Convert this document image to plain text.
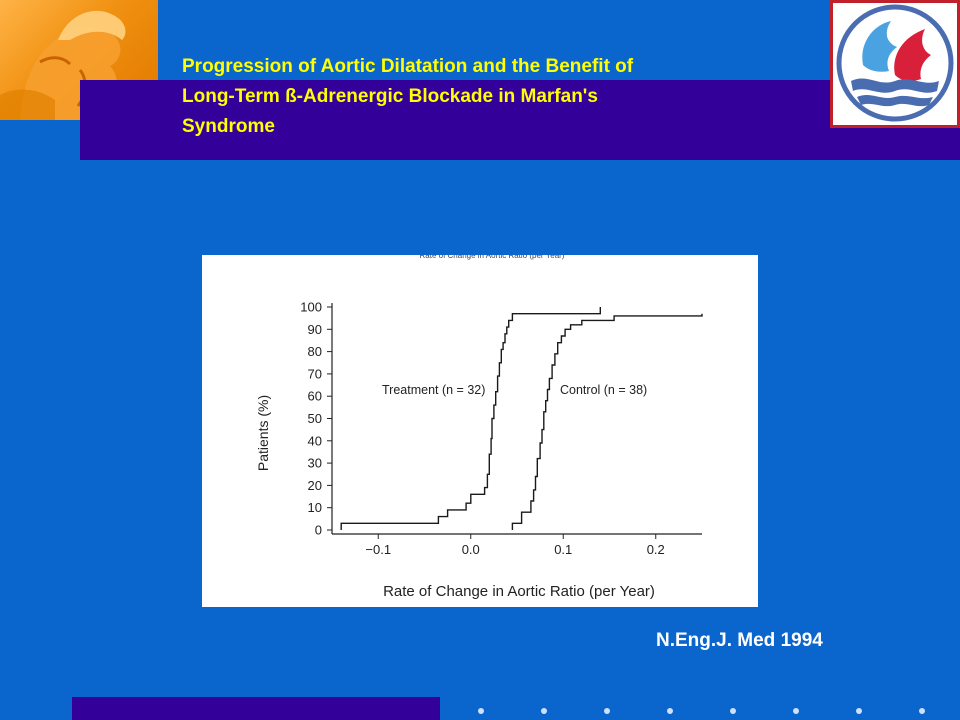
Progression of Aortic Dilatation and the Benefit of
Long-Term ß-Adrenergic Blockade in Marfan's
Syndrome
Rate of Change in Aortic Ratio (per Year)
Patients (%)
Rate of Change in Aortic Ratio (per Year)
0
10
20
30
40
50
60
70
80
90
100
−0.1	0.0	0.1	0.2
Treatment (n = 32)	Control (n = 38)
N.Eng.J. Med 1994
